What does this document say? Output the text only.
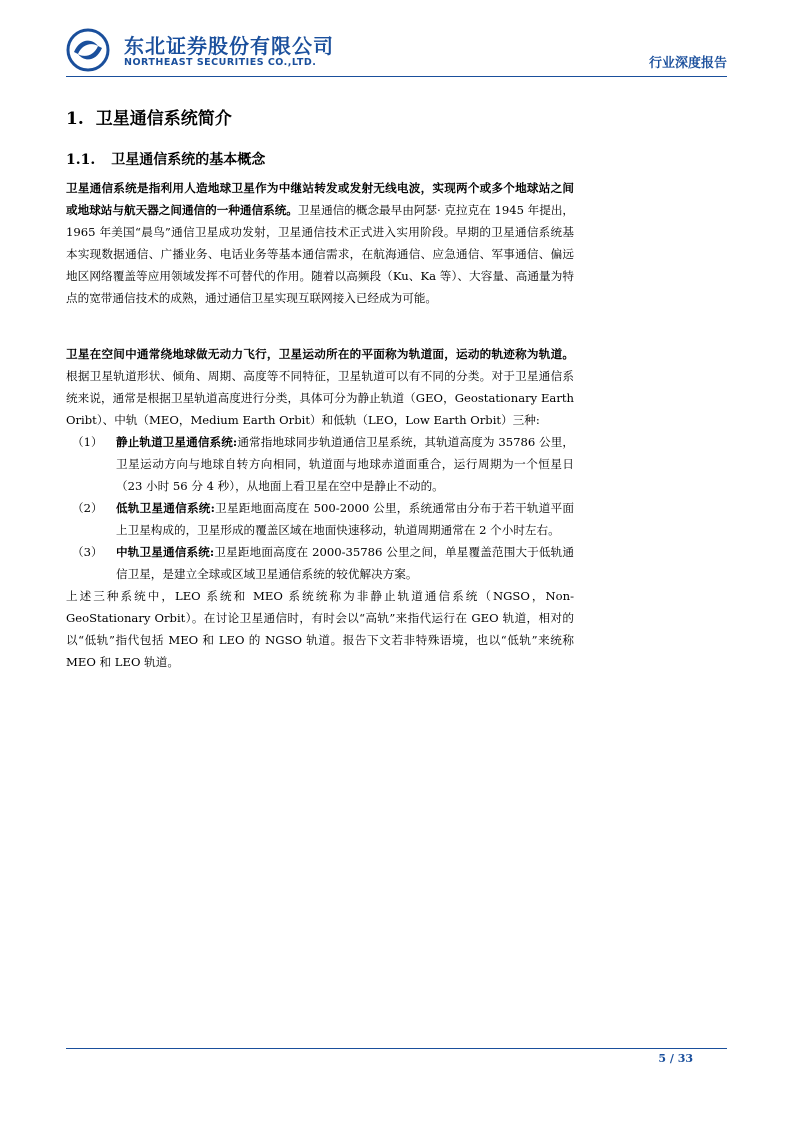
东北证券股份有限公司
NORTHEAST SECURITIES CO.,LTD.	行业深度报告
1. 卫星通信系统简介
1.1. 卫星通信系统的基本概念
卫星通信系统是指利用人造地球卫星作为中继站转发或发射无线电波，实现两个或多个地球站之间或地球站与航天器之间通信的一种通信系统。卫星通信的概念最早由阿瑟· 克拉克在 1945 年提出，1965 年美国“晨鸟”通信卫星成功发射，卫星通信技术正式进入实用阶段。早期的卫星通信系统基本实现数据通信、广播业务、电话业务等基本通信需求，在航海通信、应急通信、军事通信、偏远地区网络覆盖等应用领域发挥不可替代的作用。随着以高频段（Ku、Ka 等）、大容量、高通量为特点的宽带通信技术的成熟，通过通信卫星实现互联网接入已经成为可能。
卫星在空间中通常绕地球做无动力飞行，卫星运动所在的平面称为轨道面，运动的轨迹称为轨道。根据卫星轨道形状、倾角、周期、高度等不同特征，卫星轨道可以有不同的分类。对于卫星通信系统来说，通常是根据卫星轨道高度进行分类，具体可分为静止轨道（GEO，Geostationary Earth Oribt）、中轨（MEO，Medium Earth Orbit）和低轨（LEO，Low Earth Orbit）三种:
（1） 静止轨道卫星通信系统:通常指地球同步轨道通信卫星系统，其轨道高度为 35786 公里，卫星运动方向与地球自转方向相同，轨道面与地球赤道面重合，运行周期为一个恒星日（23 小时 56 分 4 秒），从地面上看卫星在空中是静止不动的。
（2） 低轨卫星通信系统:卫星距地面高度在 500-2000 公里，系统通常由分布于若干轨道平面上卫星构成的，卫星形成的覆盖区域在地面快速移动，轨道周期通常在 2 个小时左右。
（3） 中轨卫星通信系统:卫星距地面高度在 2000-35786 公里之间，单星覆盖范围大于低轨通信卫星，是建立全球或区域卫星通信系统的较优解决方案。
上述三种系统中，LEO 系统和 MEO 系统统称为非静止轨道通信系统（NGSO，Non-GeoStationary Orbit）。在讨论卫星通信时，有时会以“高轨”来指代运行在 GEO 轨道，相对的以“低轨”指代包括 MEO 和 LEO 的 NGSO 轨道。报告下文若非特殊语境，也以“低轨”来统称 MEO 和 LEO 轨道。
5 / 33
